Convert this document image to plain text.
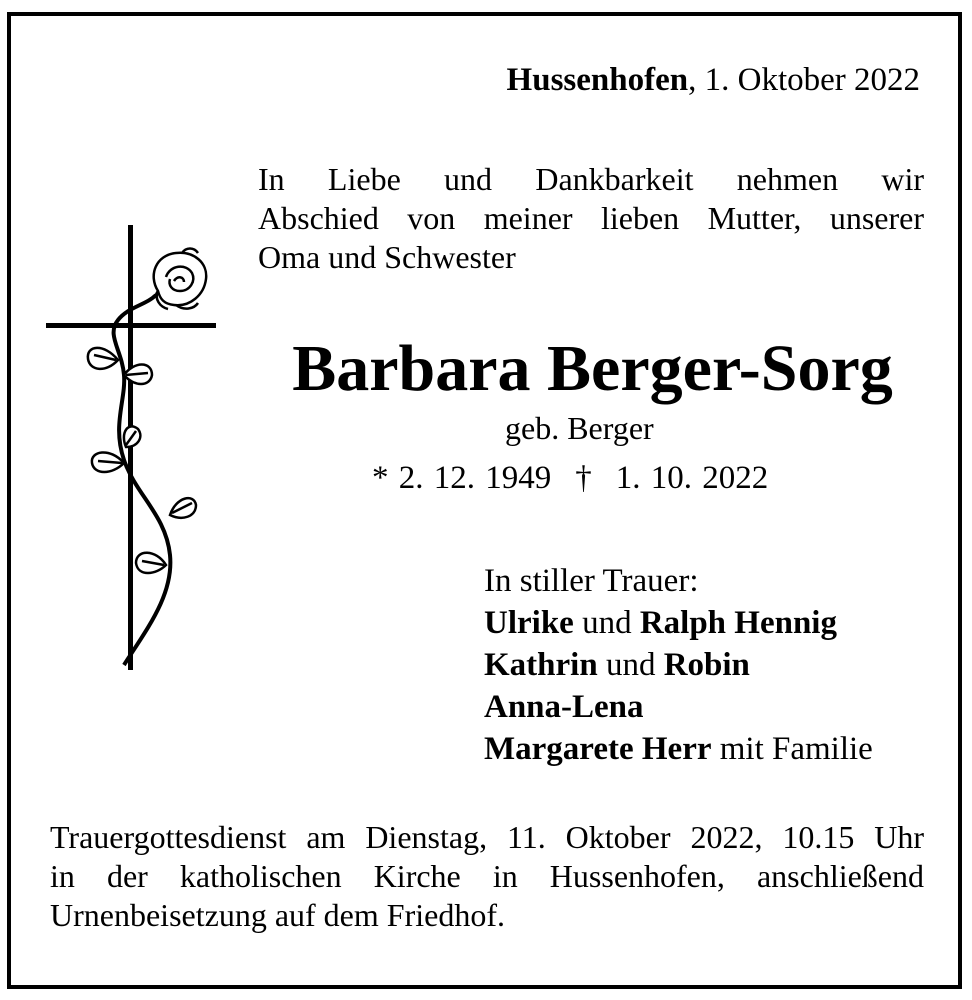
Hussenhofen, 1. Oktober 2022

In Liebe und Dankbarkeit nehmen wir
Abschied von meiner lieben Mutter, unserer
Oma und Schwester

Barbara Berger-Sorg

geb. Berger

* 2. 12. 1949 † 1. 10. 2022

In stiller Trauer:
Ulrike und Ralph Hennig
Kathrin und Robin
Anna-Lena
Margarete Herr mit Familie

Trauergottesdienst am Dienstag, 11. Oktober 2022, 10.15 Uhr
in der katholischen Kirche in Hussenhofen, anschließend
Urnenbeisetzung auf dem Friedhof.
